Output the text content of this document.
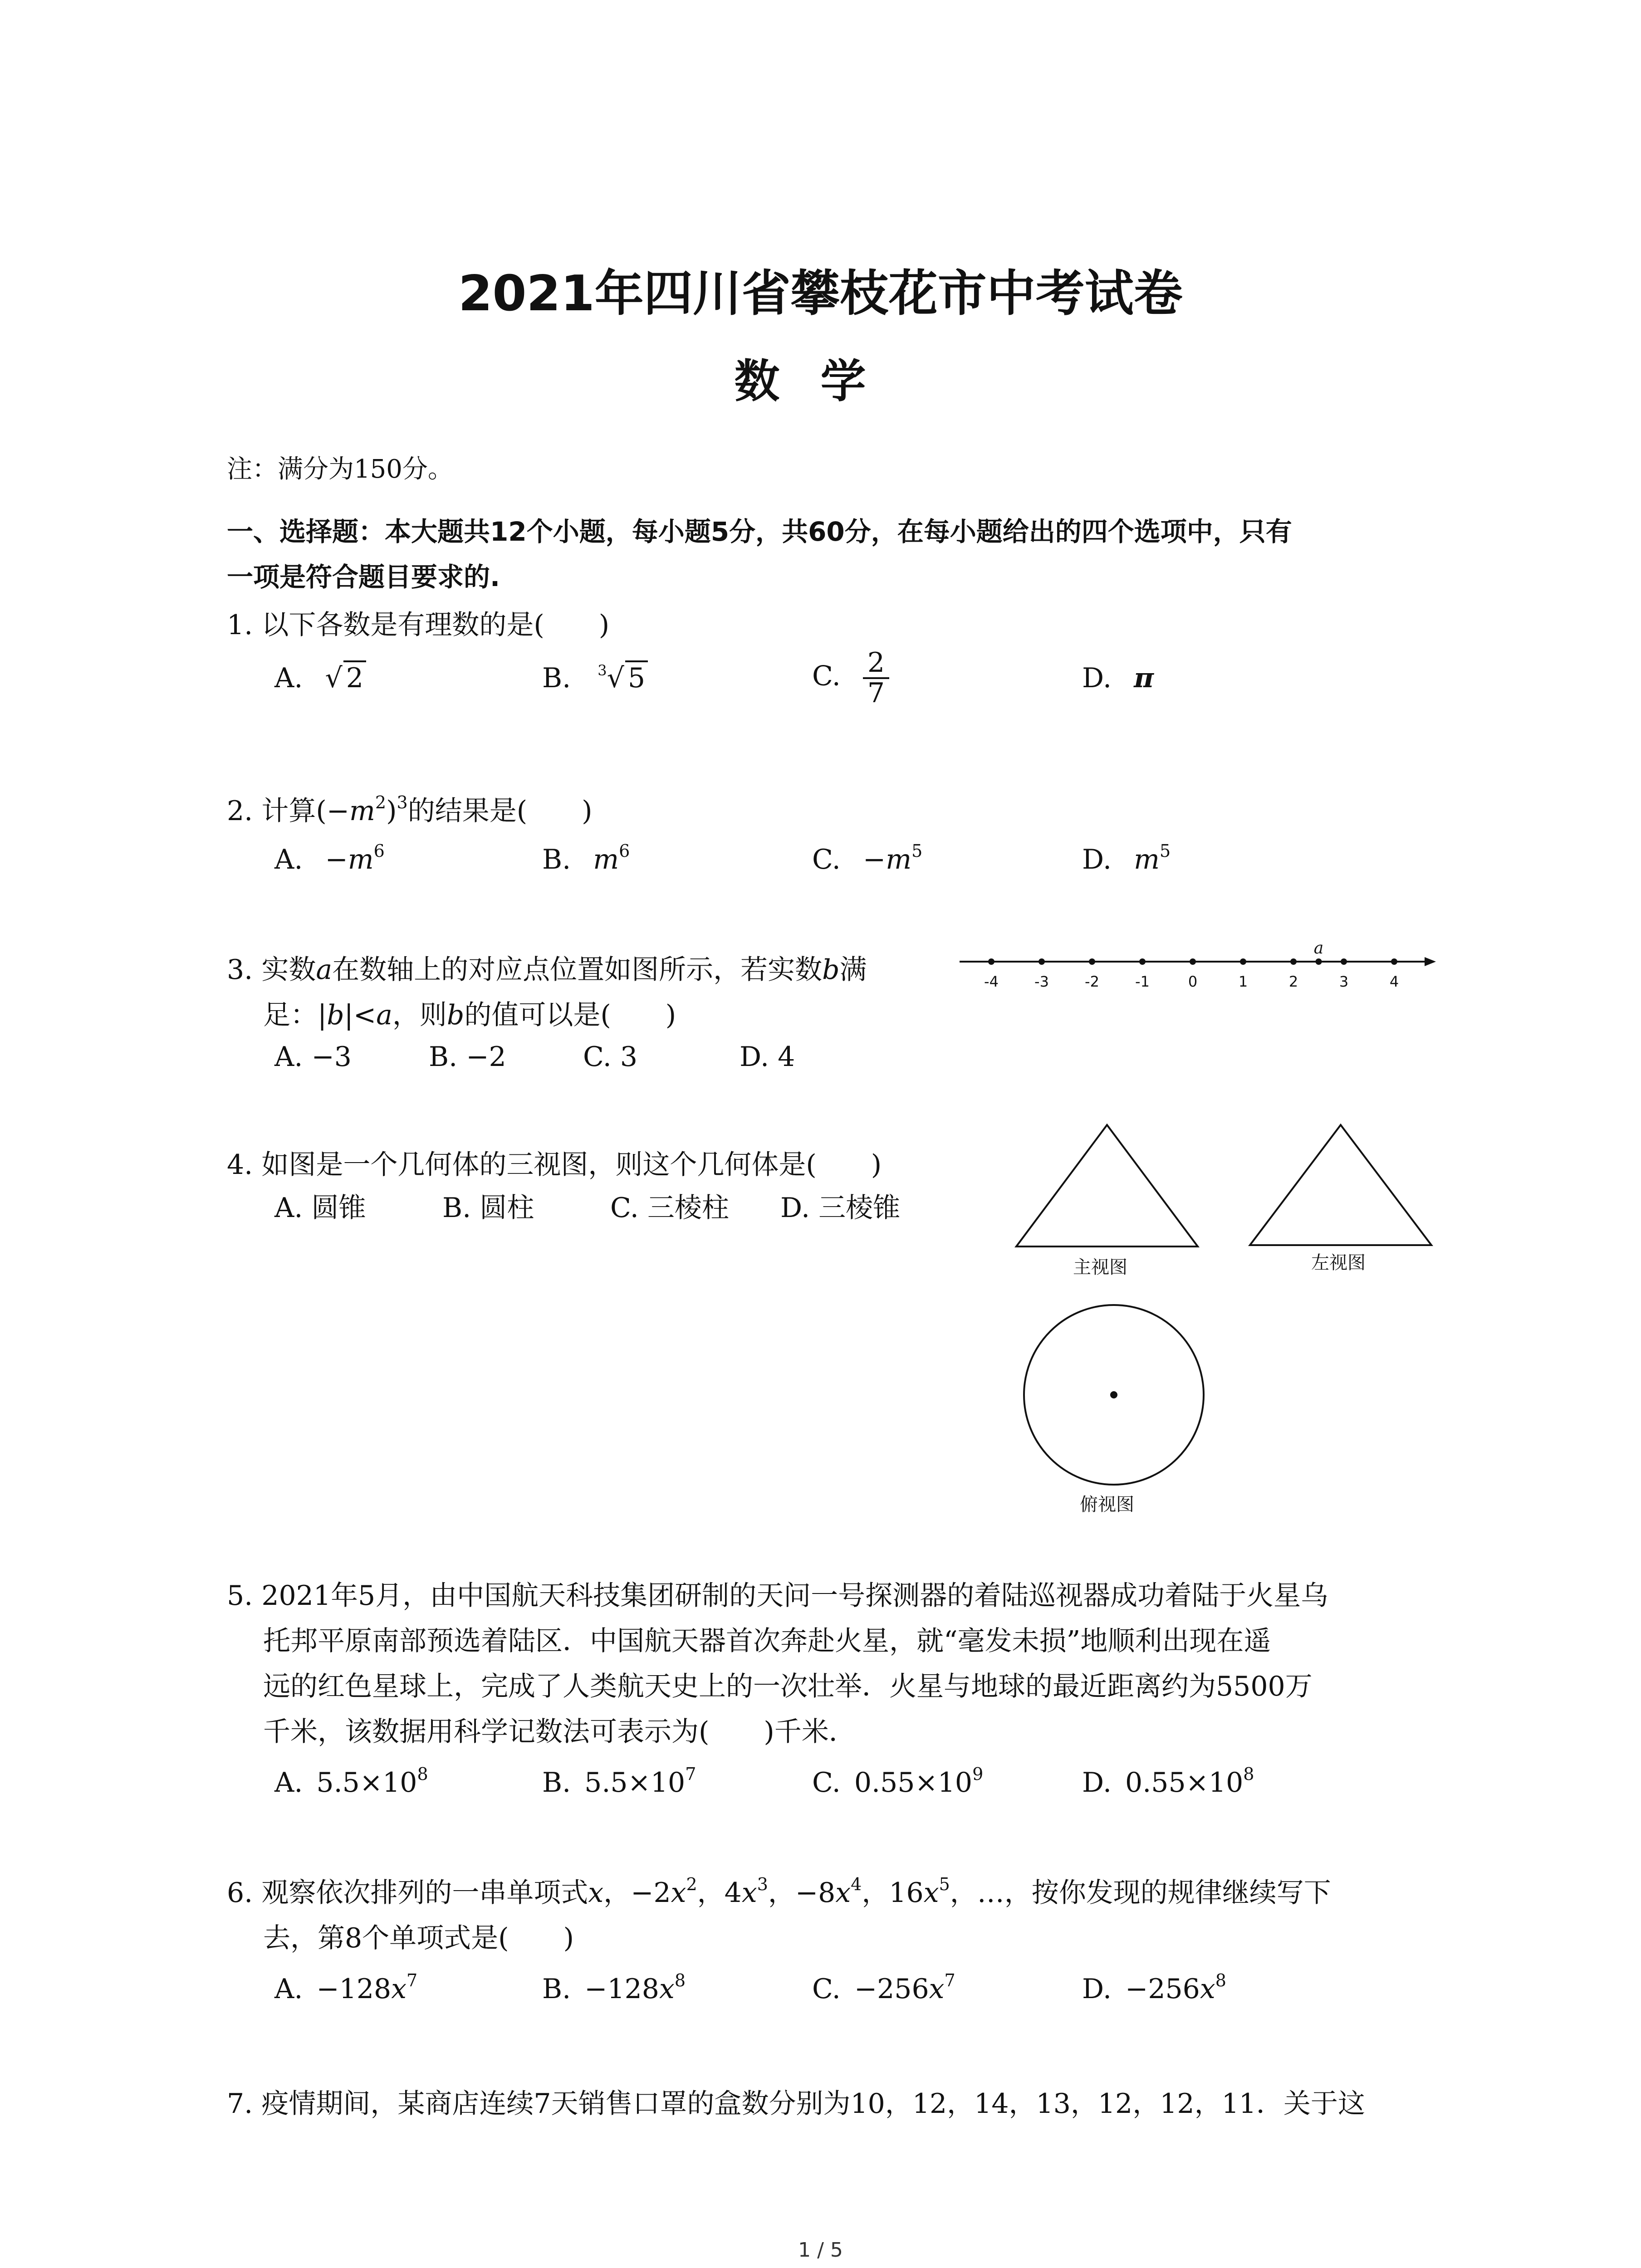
2021年四川省攀枝花市中考试卷
数学
注：满分为150分。
一、选择题：本大题共12个小题，每小题5分，共60分，在每小题给出的四个选项中，只有
一项是符合题目要求的.
1. 以下各数是有理数的是(　　)
A. √ 2	B. $^3$√ 5	C. $\frac{2}{7}$	D. π
2. 计算$(-m^2)^3$的结果是(　　)
A. $-m^6$	B. $m^6$	C. $-m^5$	D. $m^5$
3. 实数a在数轴上的对应点位置如图所示，若实数b满
足：|b|<a，则b的值可以是(　　)
A. −3	B. −2	C. 3	D. 4
-4 -3 -2 -1	0	1	2	3	4
a
4. 如图是一个几何体的三视图，则这个几何体是(　　)
A. 圆锥	B. 圆柱	C. 三棱柱 D. 三棱锥
主视图	左视图
俯视图
5. 2021年5月，由中国航天科技集团研制的天问一号探测器的着陆巡视器成功着陆于火星乌
托邦平原南部预选着陆区．中国航天器首次奔赴火星，就“毫发未损”地顺利出现在遥
远的红色星球上，完成了人类航天史上的一次壮举．火星与地球的最近距离约为5500万
千米，该数据用科学记数法可表示为(　　)千米．
A. $5.5\times 10^8$	B. $5.5\times 10^7$	C. $0.55\times 10^9$	D. $0.55\times 10^8$
6. 观察依次排列的一串单项式x，$-2x^2$，$4x^3$，$-8x^4$，$16x^5$，…，按你发现的规律继续写下
去，第8个单项式是(　　)
A. $-128x^7$	B. $-128x^8$	C. $-256x^7$	D. $-256x^8$
7. 疫情期间，某商店连续7天销售口罩的盒数分别为10，12，14，13，12，12，11．关于这
1 / 5
